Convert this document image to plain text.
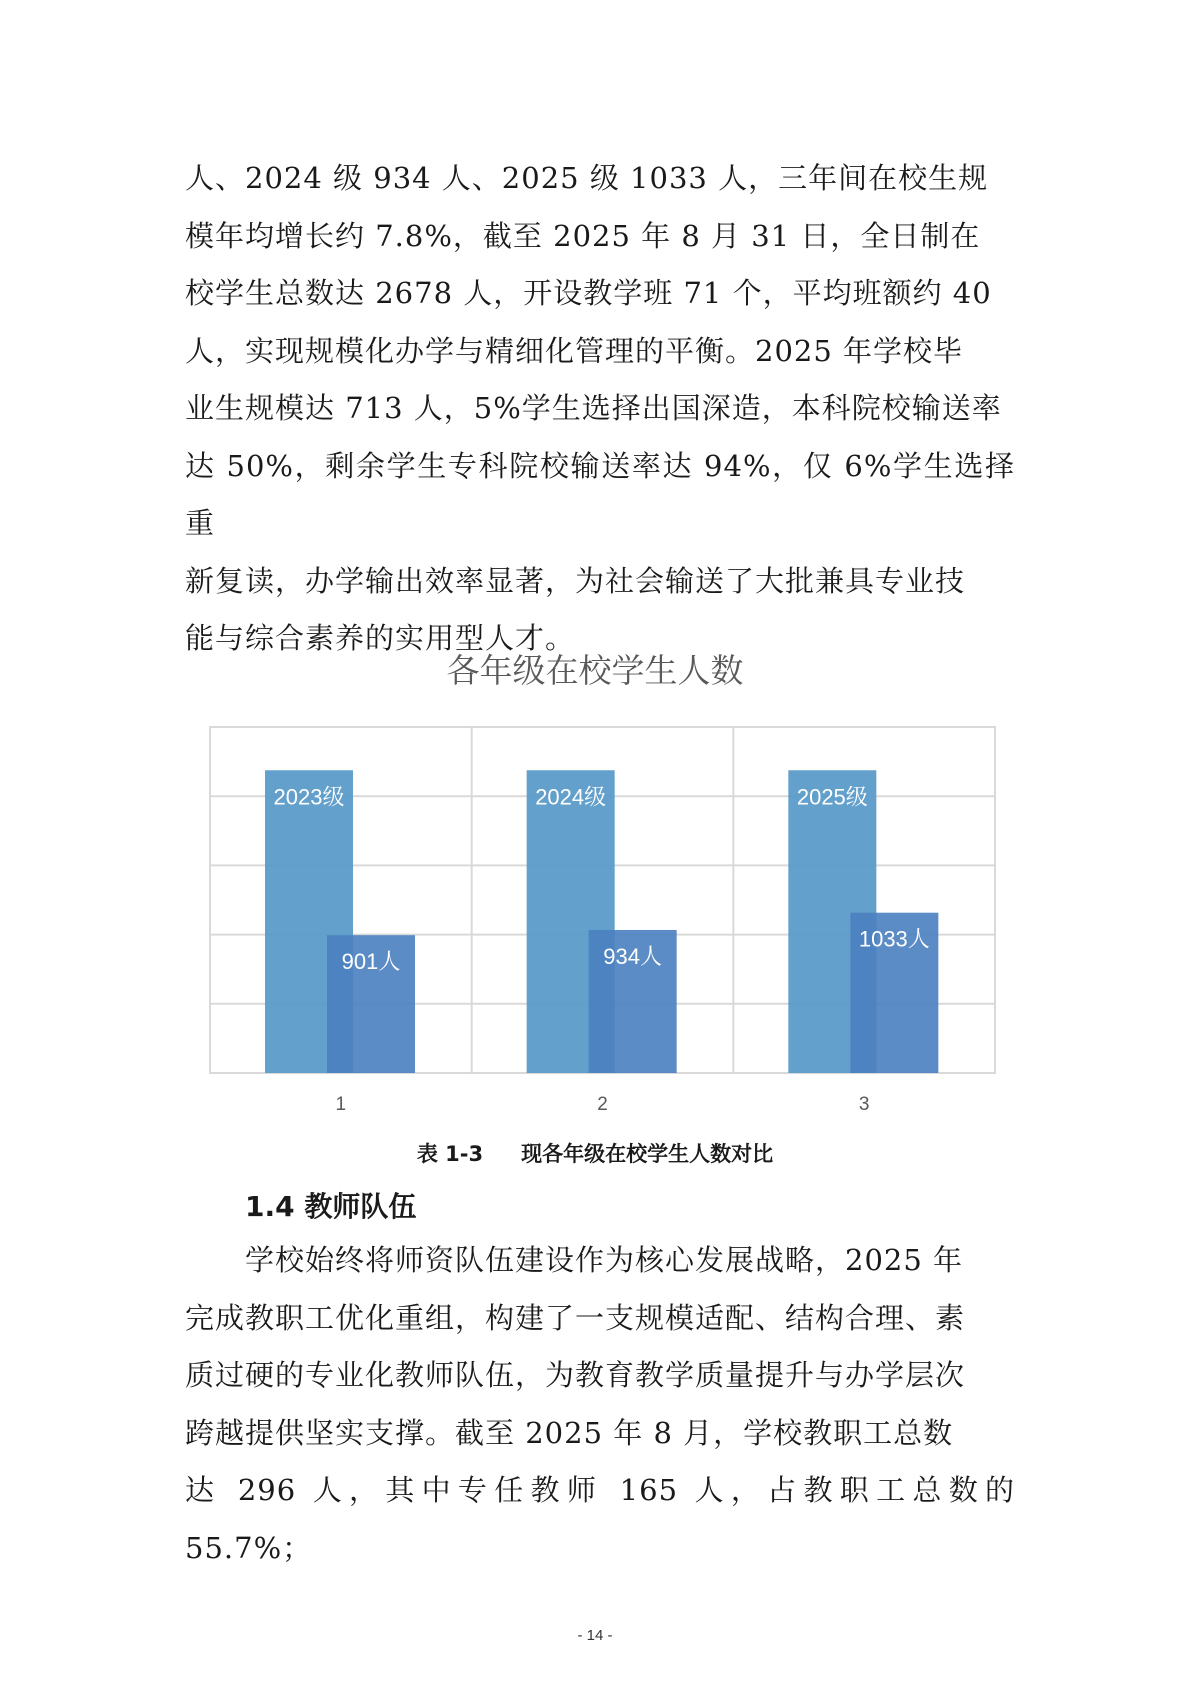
人、2024 级 934 人、2025 级 1033 人，三年间在校生规
模年均增长约 7.8%，截至 2025 年 8 月 31 日，全日制在
校学生总数达 2678 人，开设教学班 71 个，平均班额约 40
人，实现规模化办学与精细化管理的平衡。2025 年学校毕
业生规模达 713 人，5%学生选择出国深造，本科院校输送率
达 50%，剩余学生专科院校输送率达 94%，仅 6%学生选择重
新复读，办学输出效率显著，为社会输送了大批兼具专业技
能与综合素养的实用型人才。
各年级在校学生人数
2023级
901人
1
2024级
934人
2
2025级
1033人
3
表 1-3 现各年级在校学生人数对比
1.4 教师队伍
学校始终将师资队伍建设作为核心发展战略，2025 年
完成教职工优化重组，构建了一支规模适配、结构合理、素
质过硬的专业化教师队伍，为教育教学质量提升与办学层次
跨越提供坚实支撑。截至 2025 年 8 月，学校教职工总数
达 296 人，其中专任教师 165 人，占教职工总数的 55.7%；
- 14 -
